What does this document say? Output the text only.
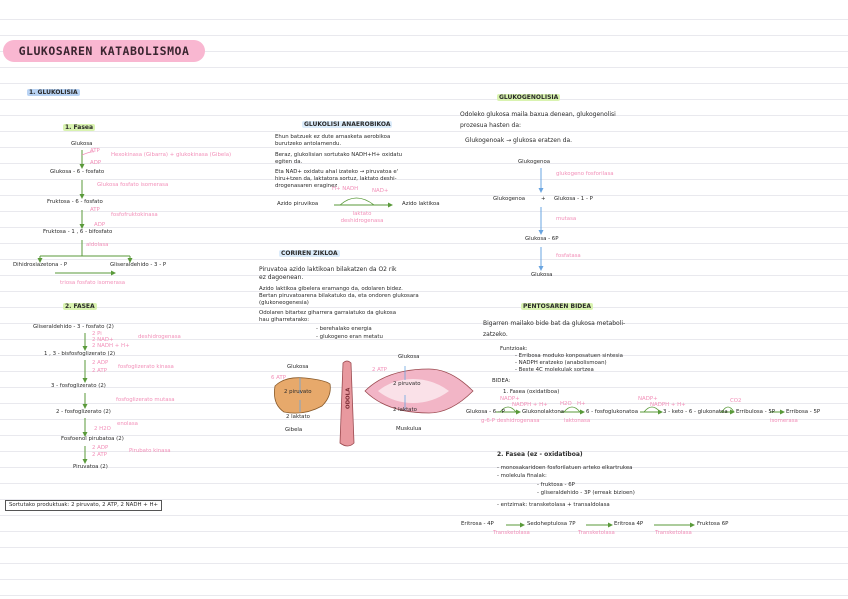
GLUKOSAREN KATABOLISMOA
1. GLUKOLISIA
1. Fasea
Glukosa
ATP
ADP
Hexokinasa (Gibarra) + glukokinasa (Gibela)
Glukosa - 6 - fosfato
Glukosa fosfato isomerasa
Fruktosa - 6 - fosfato
ATP
fosfofruktokinasa
ADP
Fruktosa - 1 , 6 - bifosfato
aldolasa
Dihidroxiazetona - P	Gliseraldehido - 3 - P
triosa fosfato isomerasa
2. FASEA
Gliseraldehido - 3 - fosfato (2)
2 Pi
2 NAD+
2 NADH + H+
deshidrogenasa
1 , 3 - bisfosfoglizerato (2)
2 ADP
2 ATP
fosfoglizerato kinasa
3 - fosfoglizerato (2)
fosfoglizerato mutasa
2 - fosfoglizerato (2)
2 H2O
enolasa
Fosfoenol pirubatoa (2)
2 ADP
2 ATP
Pirubato kinasa
Piruvatoa (2)
Sortutako produktuak: 2 piruvato, 2 ATP, 2 NADH + H+
GLUKOLISI ANAEROBIKOA
Ehun batzuek ez dute arnasketa aerobikoa
burutzeko antolamendu.
Beraz, glukolisian sortutako NADH+H+ oxidatu
egiten da.
Eta NAD+ oxidatu ahal izateko → piruvatoa e'
hiru+tzen da, laktatora sortuz, laktato deshi-
drogenasaren eraginez
H+ NADH	NAD+
Azido piruvikoa	Azido laktikoa
laktato deshidrogenasa
CORIREN ZIKLOA
Piruvatoa azido laktikoan bilakatzen da O2 rik
ez dagoenean.
Azido laktikoa gibelera eramango da, odolaren bidez.
Bertan piruvatoarena bilakatuko da, eta ondoren glukosara
(glukoneogenesia)
Odolaren bitartez giharrera garraiatuko da glukosa
hau giharretarako:
- berehalako energia
- glukogeno eran metatu
Glukosa
6 ATP
2 piruvato
2 laktato
Gibela
ODOLA
Glukosa
2 ATP
2 piruvato
2 laktato
Muskulua
GLUKOGENOLISIA
Odoleko glukosa maila baxua denean, glukogenolisi
prozesua hasten da:
Glukogenoak → glukosa eratzen da.
Glukogenoa
glukogeno fosforilasa
Glukogenoa	+ Glukosa - 1 - P
mutasa
Glukosa - 6P
fosfatasa
Glukosa
PENTOSAREN BIDEA
Bigarren mailako bide bat da glukosa metaboli-
zatzeko.
Funtzioak:
- Erribosa moduko konposatuen sintesia
- NADPH eratzeko (anabolismoan)
- Beste 4C molekulak sortzea
BIDEA:
1. Fasea (oxidatiboa)
Glukosa - 6 - P
NADP+
NADPH + H+
g-6-P deshidrogenasa
Glukonolaktona
H2O H+
laktonasa
6 - fosfoglukonatoa
NADP+
NADPH + H+
3 - keto - 6 - glukonatoa
CO2
Erribulosa - 5P Erribosa - 5P
isomerasa
2. Fasea (ez - oxidatiboa)
- monosakaridoen fosforilatuen arteko elkartrukea
- molekula finalak:
- fruktosa - 6P
- gliseraldehido - 3P (erreak bizioen)
- entzimak: transketolasa + transaldolasa
Eritrosa - 4P	Sedoheptulosa 7P	Eritrosa 4P	Fruktosa 6P
Transketolasa	Transketolasa	Transketolasa
